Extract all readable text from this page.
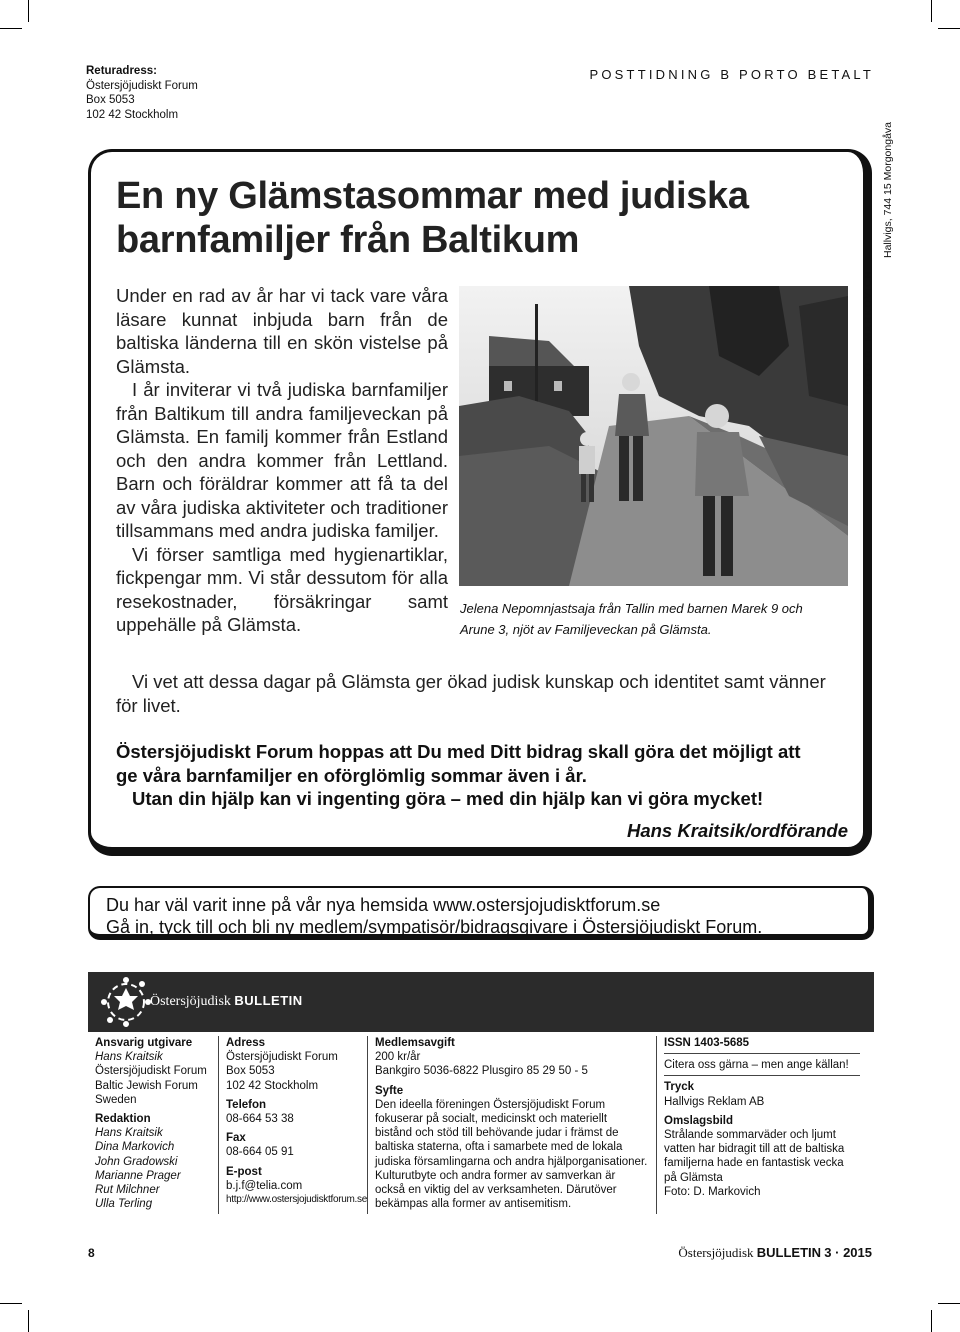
Returadress:
Östersjöjudiskt Forum
Box 5053
102 42 Stockholm
POSTTIDNING B PORTO BETALT
Hallvigs, 744 15 Morgongåva
En ny Glämstasommar med judiska
barnfamiljer från Baltikum

Under en rad av år har vi tack vare våra läsare kunnat inbjuda barn från de baltiska länderna till en skön vistelse på Glämsta.

I år inviterar vi två judiska barnfamiljer från Baltikum till andra familjeveckan på Glämsta. En familj kommer från Estland och den andra kommer från Lettland. Barn och föräldrar kommer att få ta del av våra judiska aktiviteter och traditioner tillsammans med andra judiska familjer.

Vi förser samtliga med hygienartiklar, fickpengar mm. Vi står dessutom för alla resekostnader, försäkringar samt uppehälle på Glämsta.

Vi vet att dessa dagar på Glämsta ger ökad judisk kunskap och identitet samt vänner för livet.
FOTO D. MARKOVICH
Jelena Nepomnjastsaja från Tallin med barnen Marek 9 och
Arune 3, njöt av Familjeveckan på Glämsta.
Östersjöjudiskt Forum hoppas att Du med Ditt bidrag skall göra det möjligt att
ge våra barnfamiljer en oförglömlig sommar även i år.
Utan din hjälp kan vi ingenting göra – med din hjälp kan vi göra mycket!
Hans Kraitsik/ordförande
Du har väl varit inne på vår nya hemsida www.ostersjojudisktforum.se
Gå in, tyck till och bli ny medlem/sympatisör/bidragsgivare i Östersjöjudiskt Forum.
Östersjöjudisk BULLETIN
Ansvarig utgivare
Hans Kraitsik
Östersjöjudiskt Forum
Baltic Jewish Forum
Sweden
Redaktion
Hans Kraitsik
Dina Markovich
John Gradowski
Marianne Prager
Rut Milchner
Ulla Terling
Adress
Östersjöjudiskt Forum
Box 5053
102 42 Stockholm
Telefon
08-664 53 38
Fax
08-664 05 91
E-post
b.j.f@telia.com
http://www.ostersjojudisktforum.se
Medlemsavgift
200 kr/år
Bankgiro 5036-6822 Plusgiro 85 29 50 - 5
Syfte
Den ideella föreningen Östersjöjudiskt Forum
fokuserar på socialt, medicinskt och materiellt
bistånd och stöd till behövande judar i främst de
baltiska staterna, ofta i samarbete med de lokala
judiska församlingarna och andra hjälporganisationer.
Kulturutbyte och andra former av samverkan är
också en viktig del av verksamheten. Därutöver
bekämpas alla former av antisemitism.
ISSN 1403-5685
Citera oss gärna – men ange källan!
Tryck
Hallvigs Reklam AB
Omslagsbild
Strålande sommarväder och ljumt
vatten har bidragit till att de baltiska
familjerna hade en fantastisk vecka
på Glämsta
Foto: D. Markovich
8	Östersjöjudisk BULLETIN 3 · 2015
